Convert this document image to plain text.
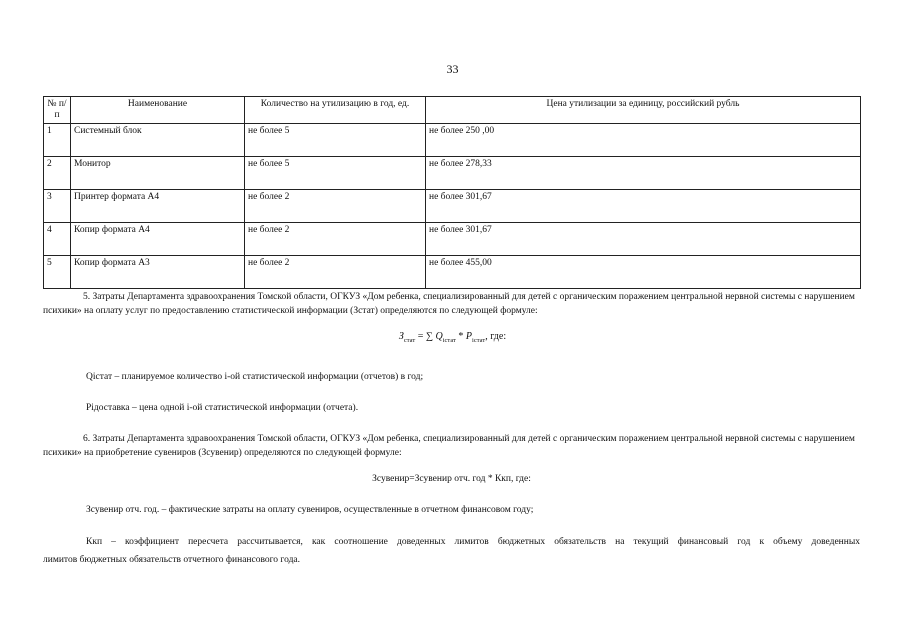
33
№ п/п	Наименование	Количество на утилизацию в год, ед.	Цена утилизации за единицу, российский рубль
1	Системный блок	не более 5	не более 250 ,00
2	Монитор	не более 5	не более 278,33
3	Принтер формата А4	не более 2	не более 301,67
4	Копир формата А4	не более 2	не более 301,67
5	Копир формата А3	не более 2	не более 455,00

5. Затраты Департамента здравоохранения Томской области, ОГКУЗ «Дом ребенка, специализированный для детей с органическим поражением центральной нервной системы с нарушением психики» на оплату услуг по предоставлению статистической информации (Зстат) определяются по следующей формуле:

$З_{стат}$ = ∑ $Q_{iстат} * P_{iстат}$, где:

Qiстат – планируемое количество i-ой статистической информации (отчетов) в год;

Piдоставка – цена одной i-ой статистической информации (отчета).

6. Затраты Департамента здравоохранения Томской области, ОГКУЗ «Дом ребенка, специализированный для детей с органическим поражением центральной нервной системы с нарушением психики» на приобретение сувениров (Зсувенир) определяются по следующей формуле:

Зсувенир=Зсувенир отч. год * Ккп, где:

Зсувенир отч. год. – фактические затраты на оплату сувениров, осуществленные в отчетном финансовом году;

Ккп – коэффициент пересчета рассчитывается, как соотношение доведенных лимитов бюджетных обязательств на текущий финансовый год к объему доведенных
лимитов бюджетных обязательств отчетного финансового года.
